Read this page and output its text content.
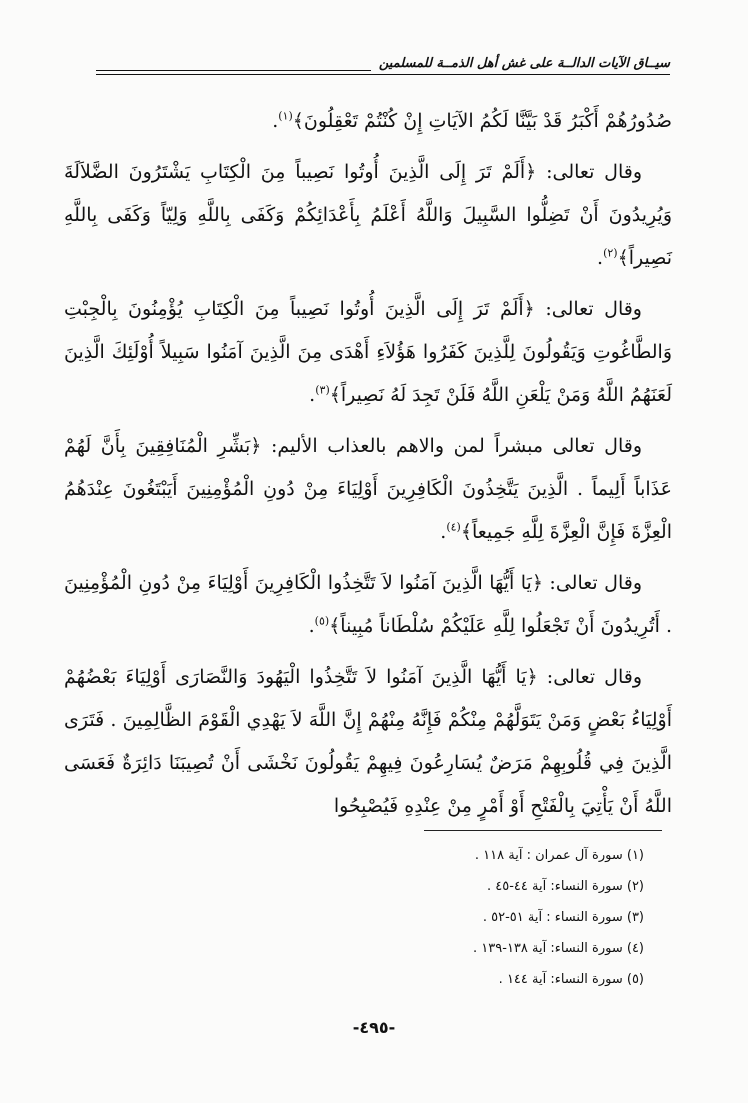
سيــاق الآيات الدالــة على غش أهل الذمــة للمسلمين

صُدُورُهُمْ أَكْبَرُ قَدْ بَيَّنَّا لَكُمُ الآيَاتِ إِنْ كُنْتُمْ تَعْقِلُونَ﴾$^{(١)}$.

وقال تعالى: ﴿أَلَمْ تَرَ إِلَى الَّذِينَ أُوتُوا نَصِيباً مِنَ الْكِتَابِ يَشْتَرُونَ الضَّلاَلَةَ وَيُرِيدُونَ أَنْ تَضِلُّوا السَّبِيلَ وَاللَّهُ أَعْلَمُ بِأَعْدَائِكُمْ وَكَفَى بِاللَّهِ وَلِيّاً وَكَفَى بِاللَّهِ نَصِيراً﴾$^{(٢)}$.

وقال تعالى: ﴿أَلَمْ تَرَ إِلَى الَّذِينَ أُوتُوا نَصِيباً مِنَ الْكِتَابِ يُؤْمِنُونَ بِالْجِبْتِ وَالطَّاغُوتِ وَيَقُولُونَ لِلَّذِينَ كَفَرُوا هَؤُلاَءِ أَهْدَى مِنَ الَّذِينَ آمَنُوا سَبِيلاً أُوْلَئِكَ الَّذِينَ لَعَنَهُمُ اللَّهُ وَمَنْ يَلْعَنِ اللَّهُ فَلَنْ تَجِدَ لَهُ نَصِيراً﴾$^{(٣)}$.

وقال تعالى مبشراً لمن والاهم بالعذاب الأليم: ﴿بَشِّرِ الْمُنَافِقِينَ بِأَنَّ لَهُمْ عَذَاباً أَلِيماً . الَّذِينَ يَتَّخِذُونَ الْكَافِرِينَ أَوْلِيَاءَ مِنْ دُونِ الْمُؤْمِنِينَ أَيَبْتَغُونَ عِنْدَهُمُ الْعِزَّةَ فَإِنَّ الْعِزَّةَ لِلَّهِ جَمِيعاً﴾$^{(٤)}$.

وقال تعالى: ﴿يَا أَيُّهَا الَّذِينَ آمَنُوا لاَ تَتَّخِذُوا الْكَافِرِينَ أَوْلِيَاءَ مِنْ دُونِ الْمُؤْمِنِينَ . أَتُرِيدُونَ أَنْ تَجْعَلُوا لِلَّهِ عَلَيْكُمْ سُلْطَاناً مُبِيناً﴾$^{(٥)}$.

وقال تعالى: ﴿يَا أَيُّهَا الَّذِينَ آمَنُوا لاَ تَتَّخِذُوا الْيَهُودَ وَالنَّصَارَى أَوْلِيَاءَ بَعْضُهُمْ أَوْلِيَاءُ بَعْضٍ وَمَنْ يَتَوَلَّهُمْ مِنْكُمْ فَإِنَّهُ مِنْهُمْ إِنَّ اللَّهَ لاَ يَهْدِي الْقَوْمَ الظَّالِمِينَ . فَتَرَى الَّذِينَ فِي قُلُوبِهِمْ مَرَضٌ يُسَارِعُونَ فِيهِمْ يَقُولُونَ نَخْشَى أَنْ تُصِيبَنَا دَائِرَةٌ فَعَسَى اللَّهُ أَنْ يَأْتِيَ بِالْفَتْحِ أَوْ أَمْرٍ مِنْ عِنْدِهِ فَيُصْبِحُوا

(١) سورة آل عمران : آية ١١٨ .
(٢) سورة النساء: آية ٤٤-٤٥ .
(٣) سورة النساء : آية ٥١-٥٢ .
(٤) سورة النساء: آية ١٣٨-١٣٩ .
(٥) سورة النساء: آية ١٤٤ .
-٤٩٥-
